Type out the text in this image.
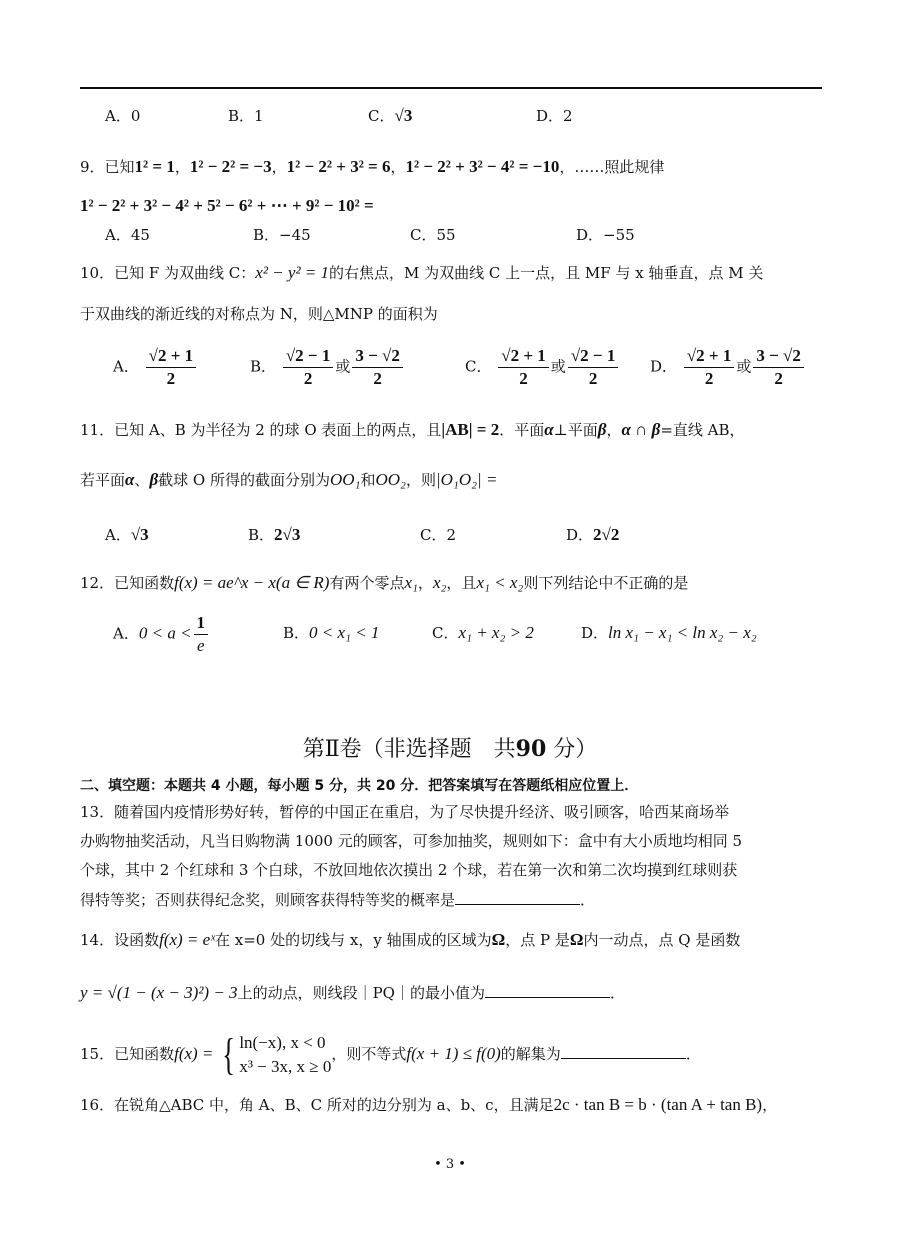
A．0	B．1	C．√3	D．2
9．已知1² = 1，1² − 2² = −3，1² − 2² + 3² = 6，1² − 2² + 3² − 4² = −10，……照此规律
1² − 2² + 3² − 4² + 5² − 6² + ⋯ + 9² − 10² =
A．45	B．−45	C．55	D．−55
10．已知 F 为双曲线 C：x² − y² = 1的右焦点，M 为双曲线 C 上一点，且 MF 与 x 轴垂直，点 M 关
于双曲线的渐近线的对称点为 N，则△MNP 的面积为
A． $\frac{√2 + 1}{2}$	B． $\frac{√2 - 1}{2}$ 或 $\frac{3 - √2}{2}$	C． $\frac{√2 + 1}{2}$ 或 $\frac{√2 - 1}{2}$ D． $\frac{√2 + 1}{2}$ 或 $\frac{3 - √2}{2}$
11．已知 A、B 为半径为 2 的球 O 表面上的两点，且|AB| = 2．平面α⊥平面β，α ∩ β=直线 AB，
若平面α、β截球 O 所得的截面分别为OO₁和OO₂，则|O₁O₂| =
A．√3	B．2√3	C．2	D．2√2
12．已知函数f(x) = ae^x − x(a ∈ R)有两个零点x₁，x₂，且x₁ < x₂则下列结论中不正确的是
A．$0 < a < \frac{1}{e}$	B．0 < x₁ < 1	C．x₁ + x₂ > 2	D．ln x₁ − x₁ < ln x₂ − x₂
第Ⅱ卷（非选择题　共90 分）
二、填空题：本题共 4 小题，每小题 5 分，共 20 分．把答案填写在答题纸相应位置上．
13．随着国内疫情形势好转，暂停的中国正在重启，为了尽快提升经济、吸引顾客，哈西某商场举
办购物抽奖活动，凡当日购物满 1000 元的顾客，可参加抽奖，规则如下：盒中有大小质地均相同 5
个球，其中 2 个红球和 3 个白球，不放回地依次摸出 2 个球，若在第一次和第二次均摸到红球则获
得特等奖；否则获得纪念奖，则顾客获得特等奖的概率是	．
14．设函数f(x) = eˣ在 x=0 处的切线与 x，y 轴围成的区域为Ω，点 P 是Ω内一动点，点 Q 是函数
y = √(1 − (x − 3)²) − 3上的动点，则线段｜PQ｜的最小值为	．
15．已知函数f(x) = { ln(−x), x < 0
x³ − 3x, x ≥ 0
，则不等式f(x + 1) ≤ f(0)的解集为	．
16．在锐角△ABC 中，角 A、B、C 所对的边分别为 a、b、c，且满足2c · tan B = b · (tan A + tan B)，
• 3 •
